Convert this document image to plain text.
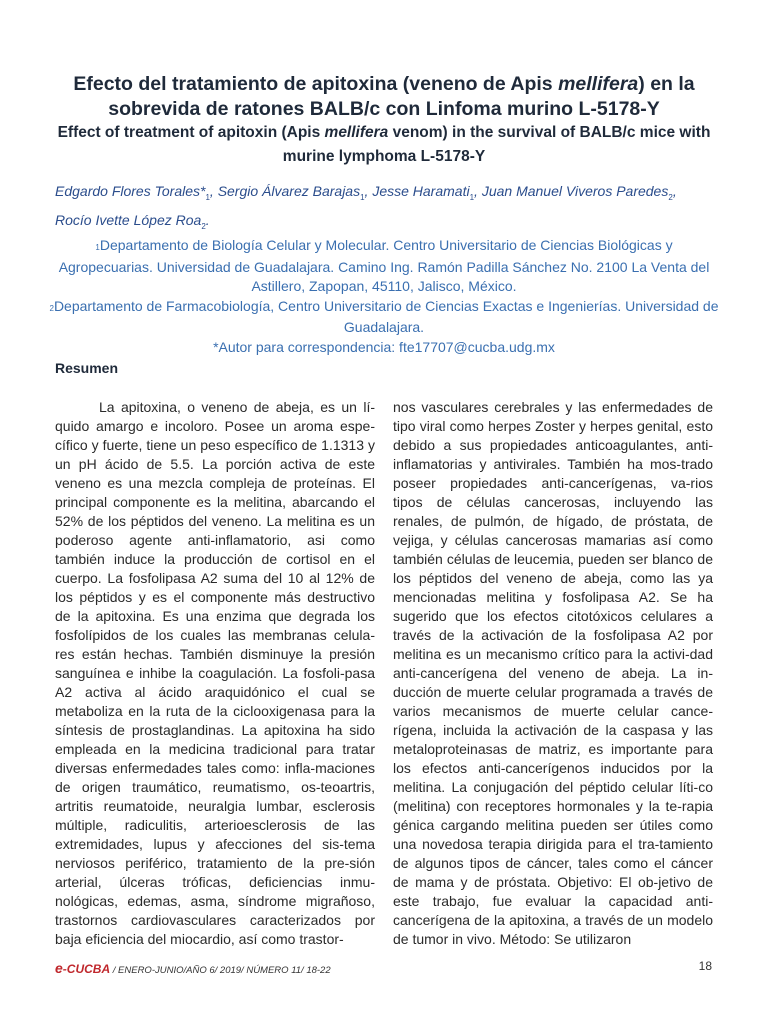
Efecto del tratamiento de apitoxina (veneno de Apis mellifera) en la sobrevida de ratones BALB/c con Linfoma murino L-5178-Y
Effect of treatment of apitoxin (Apis mellifera venom) in the survival of BALB/c mice with murine lymphoma L-5178-Y
Edgardo Flores $Torales*_1$, Sergio Álvarez Barajas$_1$, Jesse Haramati$_1$, Juan Manuel Viveros Paredes$_2$, Rocío Ivette López Roa$_2$.
1Departamento de Biología Celular y Molecular. Centro Universitario de Ciencias Biológicas y Agropecuarias. Universidad de Guadalajara. Camino Ing. Ramón Padilla Sánchez No. 2100 La Venta del Astillero, Zapopan, 45110, Jalisco, México.
2Departamento de Farmacobiología, Centro Universitario de Ciencias Exactas e Ingenierías. Universidad de Guadalajara.
*Autor para correspondencia: fte17707@cucba.udg.mx
Resumen
La apitoxina, o veneno de abeja, es un lí-quido amargo e incoloro. Posee un aroma espe-cífico y fuerte, tiene un peso específico de 1.1313 y un pH ácido de 5.5. La porción activa de este veneno es una mezcla compleja de proteínas. El principal componente es la melitina, abarcando el 52% de los péptidos del veneno. La melitina es un poderoso agente anti-inflamatorio, asi como también induce la producción de cortisol en el cuerpo. La fosfolipasa A2 suma del 10 al 12% de los péptidos y es el componente más destructivo de la apitoxina. Es una enzima que degrada los fosfolípidos de los cuales las membranas celula-res están hechas. También disminuye la presión sanguínea e inhibe la coagulación. La fosfoli-pasa A2 activa al ácido araquidónico el cual se metaboliza en la ruta de la ciclooxigenasa para la síntesis de prostaglandinas. La apitoxina ha sido empleada en la medicina tradicional para tratar diversas enfermedades tales como: infla-maciones de origen traumático, reumatismo, os-teoartris, artritis reumatoide, neuralgia lumbar, esclerosis múltiple, radiculitis, arterioesclerosis de las extremidades, lupus y afecciones del sis-tema nerviosos periférico, tratamiento de la pre-sión arterial, úlceras tróficas, deficiencias inmu-nológicas, edemas, asma, síndrome migrañoso, trastornos cardiovasculares caracterizados por baja eficiencia del miocardio, así como trastor-
nos vasculares cerebrales y las enfermedades de tipo viral como herpes Zoster y herpes genital, esto debido a sus propiedades anticoagulantes, anti-inflamatorias y antivirales. También ha mos-trado poseer propiedades anti-cancerígenas, va-rios tipos de células cancerosas, incluyendo las renales, de pulmón, de hígado, de próstata, de vejiga, y células cancerosas mamarias así como también células de leucemia, pueden ser blanco de los péptidos del veneno de abeja, como las ya mencionadas melitina y fosfolipasa A2. Se ha sugerido que los efectos citotóxicos celulares a través de la activación de la fosfolipasa A2 por melitina es un mecanismo crítico para la activi-dad anti-cancerígena del veneno de abeja. La in-ducción de muerte celular programada a través de varios mecanismos de muerte celular cance-rígena, incluida la activación de la caspasa y las metaloproteinasas de matriz, es importante para los efectos anti-cancerígenos inducidos por la melitina. La conjugación del péptido celular líti-co (melitina) con receptores hormonales y la te-rapia génica cargando melitina pueden ser útiles como una novedosa terapia dirigida para el tra-tamiento de algunos tipos de cáncer, tales como el cáncer de mama y de próstata. Objetivo: El ob-jetivo de este trabajo, fue evaluar la capacidad anti-cancerígena de la apitoxina, a través de un modelo de tumor in vivo. Método: Se utilizaron
e-CUCBA / ENERO-JUNIO/AÑO 6/ 2019/ NÚMERO 11/ 18-22	18
